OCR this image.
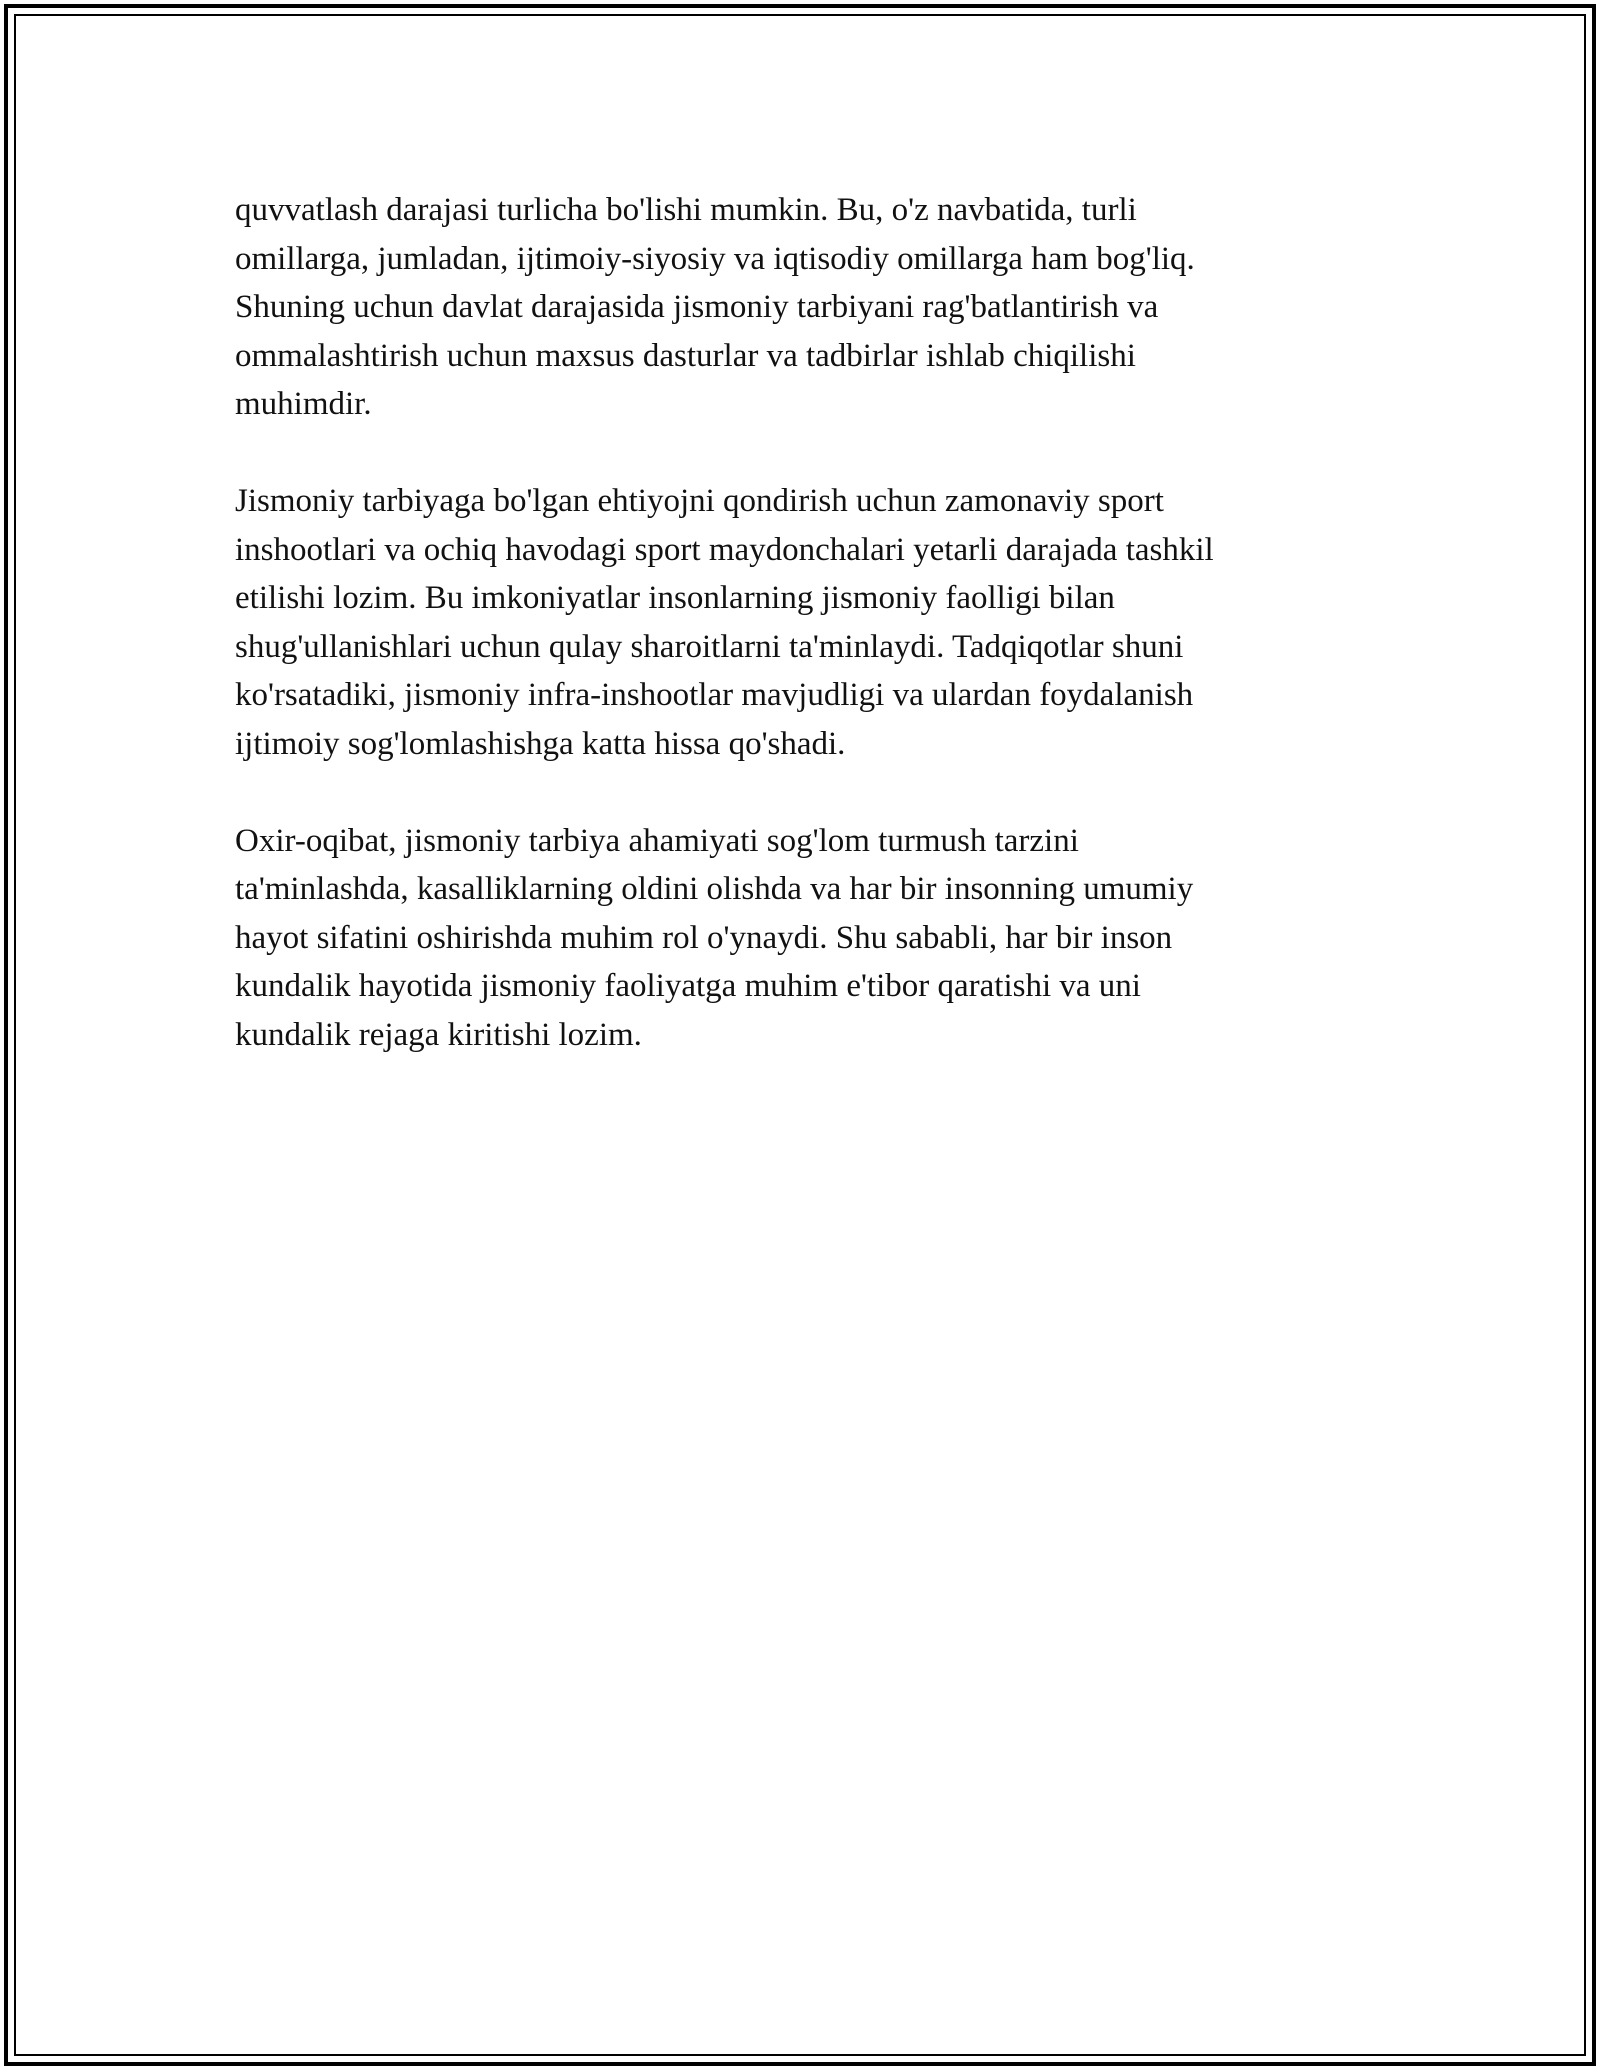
quvvatlash darajasi turlicha bo'lishi mumkin. Bu, o'z navbatida, turli
omillarga, jumladan, ijtimoiy-siyosiy va iqtisodiy omillarga ham bog'liq.
Shuning uchun davlat darajasida jismoniy tarbiyani rag'batlantirish va
ommalashtirish uchun maxsus dasturlar va tadbirlar ishlab chiqilishi
muhimdir.

Jismoniy tarbiyaga bo'lgan ehtiyojni qondirish uchun zamonaviy sport
inshootlari va ochiq havodagi sport maydonchalari yetarli darajada tashkil
etilishi lozim. Bu imkoniyatlar insonlarning jismoniy faolligi bilan
shug'ullanishlari uchun qulay sharoitlarni ta'minlaydi. Tadqiqotlar shuni
ko'rsatadiki, jismoniy infra-inshootlar mavjudligi va ulardan foydalanish
ijtimoiy sog'lomlashishga katta hissa qo'shadi.

Oxir-oqibat, jismoniy tarbiya ahamiyati sog'lom turmush tarzini
ta'minlashda, kasalliklarning oldini olishda va har bir insonning umumiy
hayot sifatini oshirishda muhim rol o'ynaydi. Shu sababli, har bir inson
kundalik hayotida jismoniy faoliyatga muhim e'tibor qaratishi va uni
kundalik rejaga kiritishi lozim.
